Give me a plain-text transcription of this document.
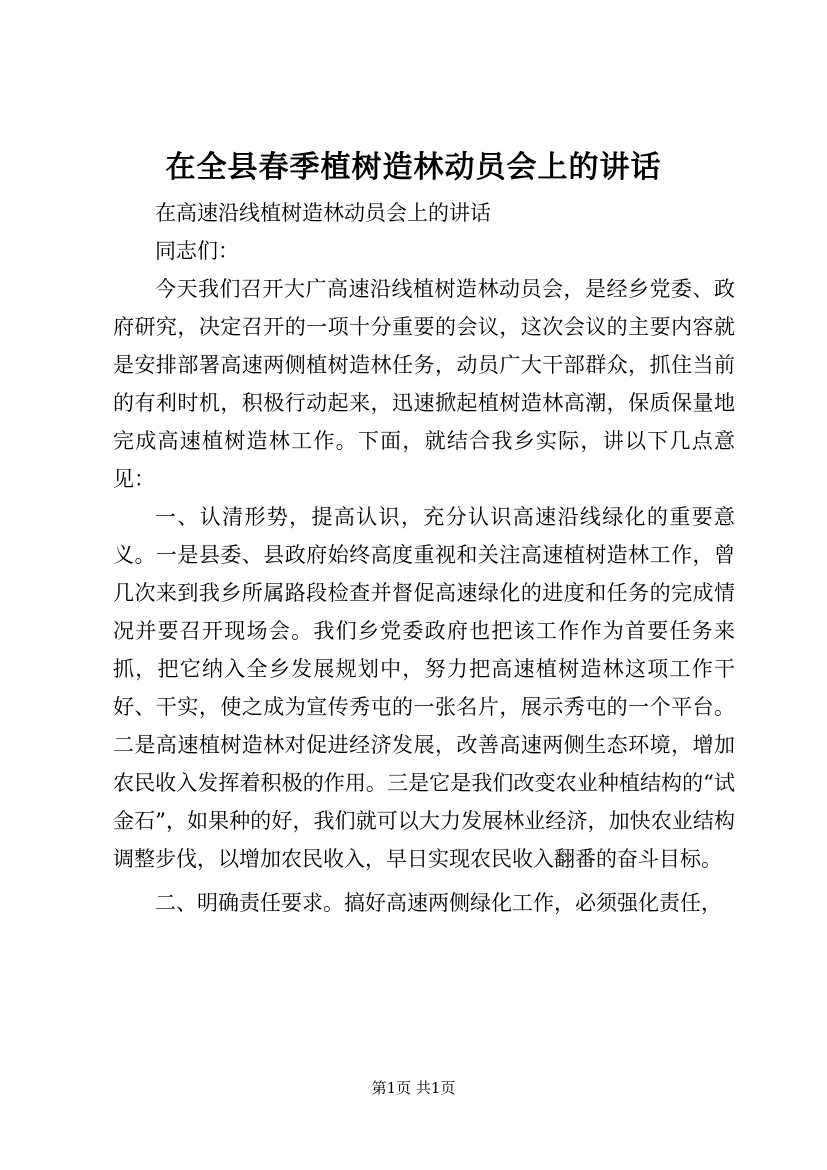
在全县春季植树造林动员会上的讲话

在高速沿线植树造林动员会上的讲话

同志们：

今天我们召开大广高速沿线植树造林动员会，是经乡党委、政府研究，决定召开的一项十分重要的会议，这次会议的主要内容就是安排部署高速两侧植树造林任务，动员广大干部群众，抓住当前的有利时机，积极行动起来，迅速掀起植树造林高潮，保质保量地完成高速植树造林工作。下面，就结合我乡实际，讲以下几点意见：

一、认清形势，提高认识，充分认识高速沿线绿化的重要意义。一是县委、县政府始终高度重视和关注高速植树造林工作，曾几次来到我乡所属路段检查并督促高速绿化的进度和任务的完成情况并要召开现场会。我们乡党委政府也把该工作作为首要任务来抓，把它纳入全乡发展规划中，努力把高速植树造林这项工作干好、干实，使之成为宣传秀屯的一张名片，展示秀屯的一个平台。二是高速植树造林对促进经济发展，改善高速两侧生态环境，增加农民收入发挥着积极的作用。三是它是我们改变农业种植结构的“试金石”，如果种的好，我们就可以大力发展林业经济，加快农业结构调整步伐，以增加农民收入，早日实现农民收入翻番的奋斗目标。

二、明确责任要求。搞好高速两侧绿化工作，必须强化责任，

第1页 共1页
